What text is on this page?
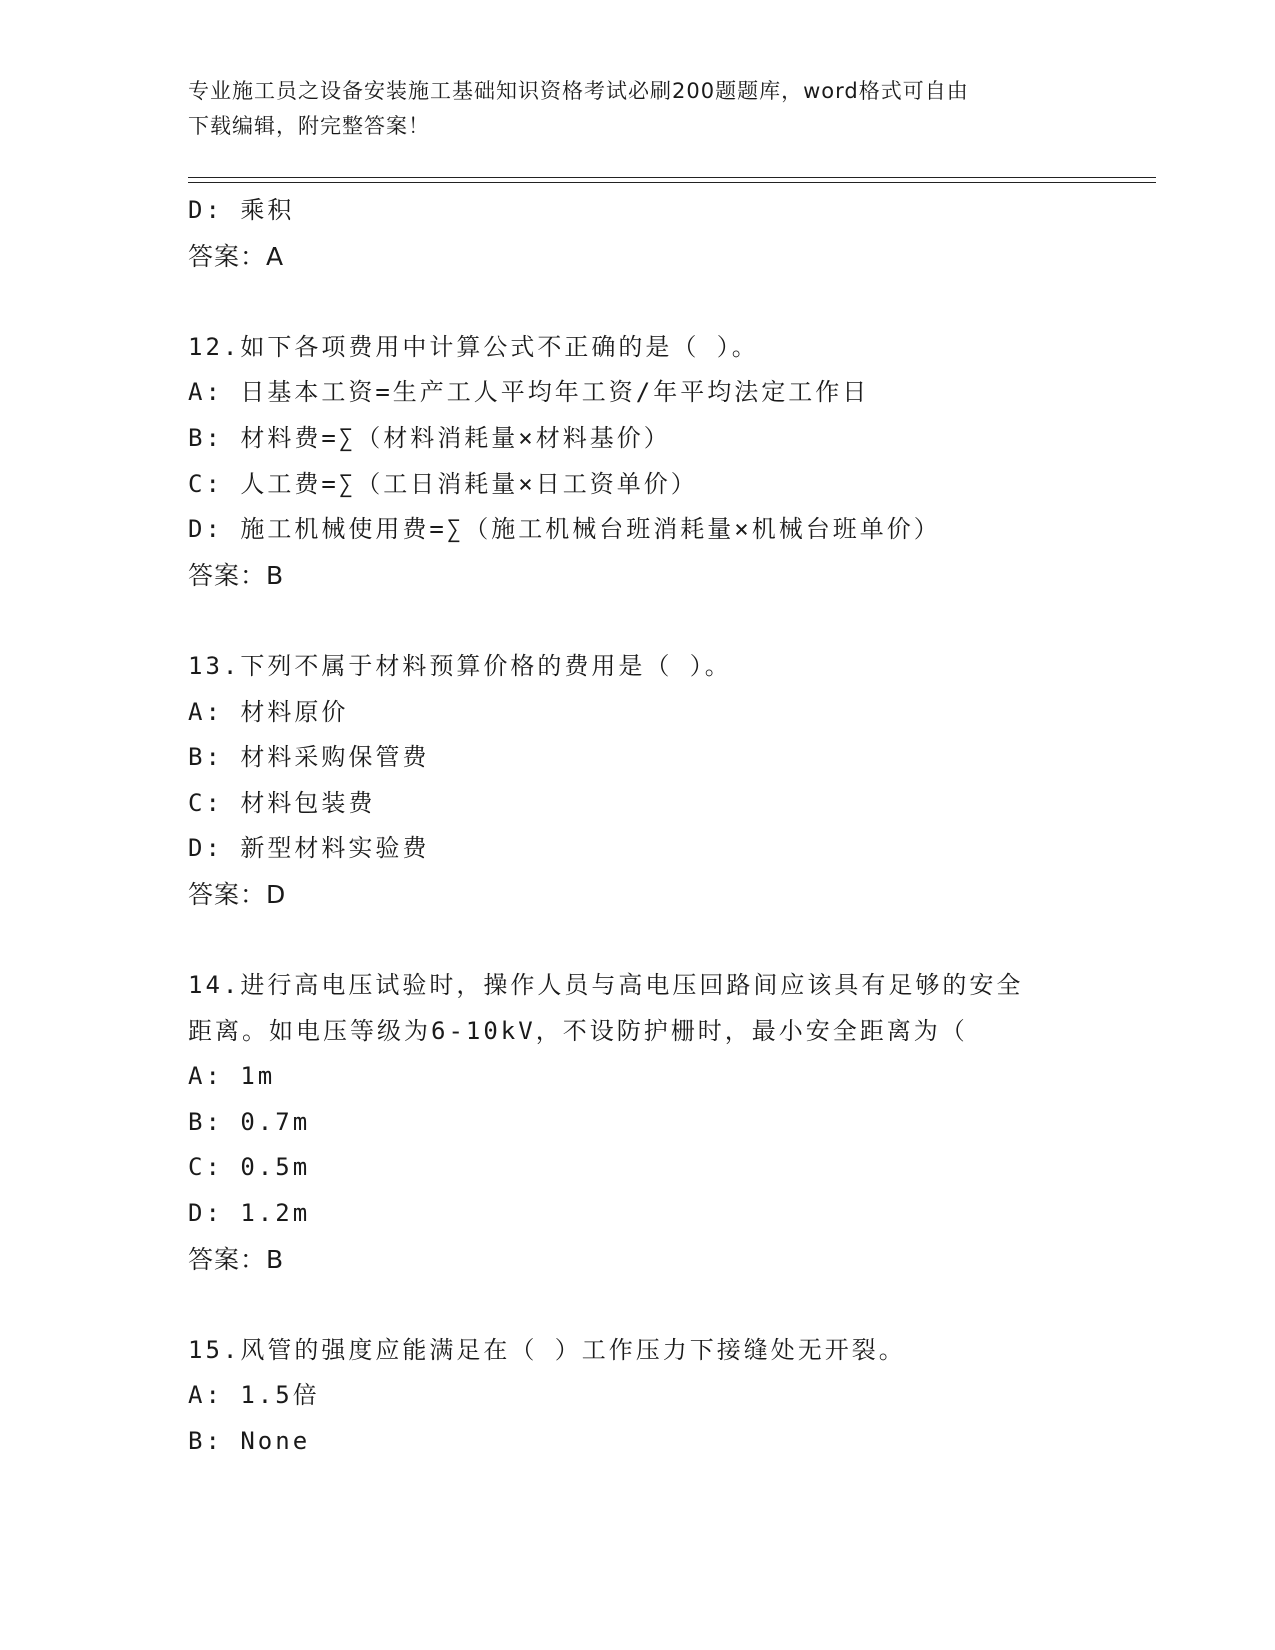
专业施工员之设备安装施工基础知识资格考试必刷200题题库，word格式可自由
下载编辑，附完整答案！
D: 乘积
答案：A
12.如下各项费用中计算公式不正确的是（ ）。
A: 日基本工资=生产工人平均年工资/年平均法定工作日
B: 材料费=∑（材料消耗量×材料基价）
C: 人工费=∑（工日消耗量×日工资单价）
D: 施工机械使用费=∑（施工机械台班消耗量×机械台班单价）
答案：B
13.下列不属于材料预算价格的费用是（ ）。
A: 材料原价
B: 材料采购保管费
C: 材料包装费
D: 新型材料实验费
答案：D
14.进行高电压试验时，操作人员与高电压回路间应该具有足够的安全
距离。如电压等级为6-10kV，不设防护栅时，最小安全距离为（
A: 1m
B: 0.7m
C: 0.5m
D: 1.2m
答案：B
15.风管的强度应能满足在（ ）工作压力下接缝处无开裂。
A: 1.5倍
B: None
